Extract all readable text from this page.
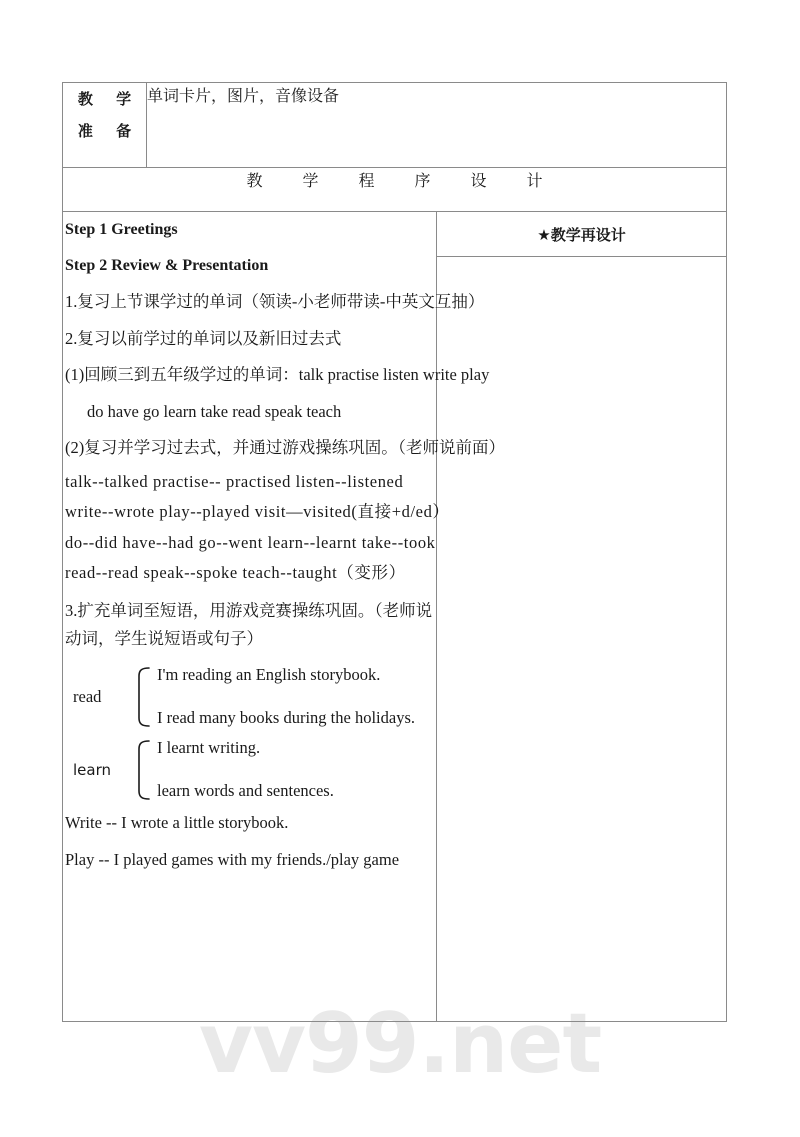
vv99.net
教 学
准 备	单词卡片，图片，音像设备	
教 学 程 序 设 计		

Step 1 Greetings
Step 2 Review & Presentation
1.复习上节课学过的单词（领读-小老师带读-中英文互抽）
2.复习以前学过的单词以及新旧过去式
(1)回顾三到五年级学过的单词：talk practise listen write play
do have go learn take read speak teach
(2)复习并学习过去式，并通过游戏操练巩固。（老师说前面）
talk--talked practise-- practised listen--listened
write--wrote play--played visit—visited(直接+d/ed）
do--did have--had go--went learn--learnt take--took
read--read speak--spoke teach--taught（变形）
3.扩充单词至短语，用游戏竞赛操练巩固。（老师说动词，学生说短语或句子）
read
I'm reading an English storybook.
I read many books during the holidays.
learn
I learnt writing.
learn words and sentences.
Write -- I wrote a little storybook.
Play -- I played games with my friends./play game

★教学再设计
